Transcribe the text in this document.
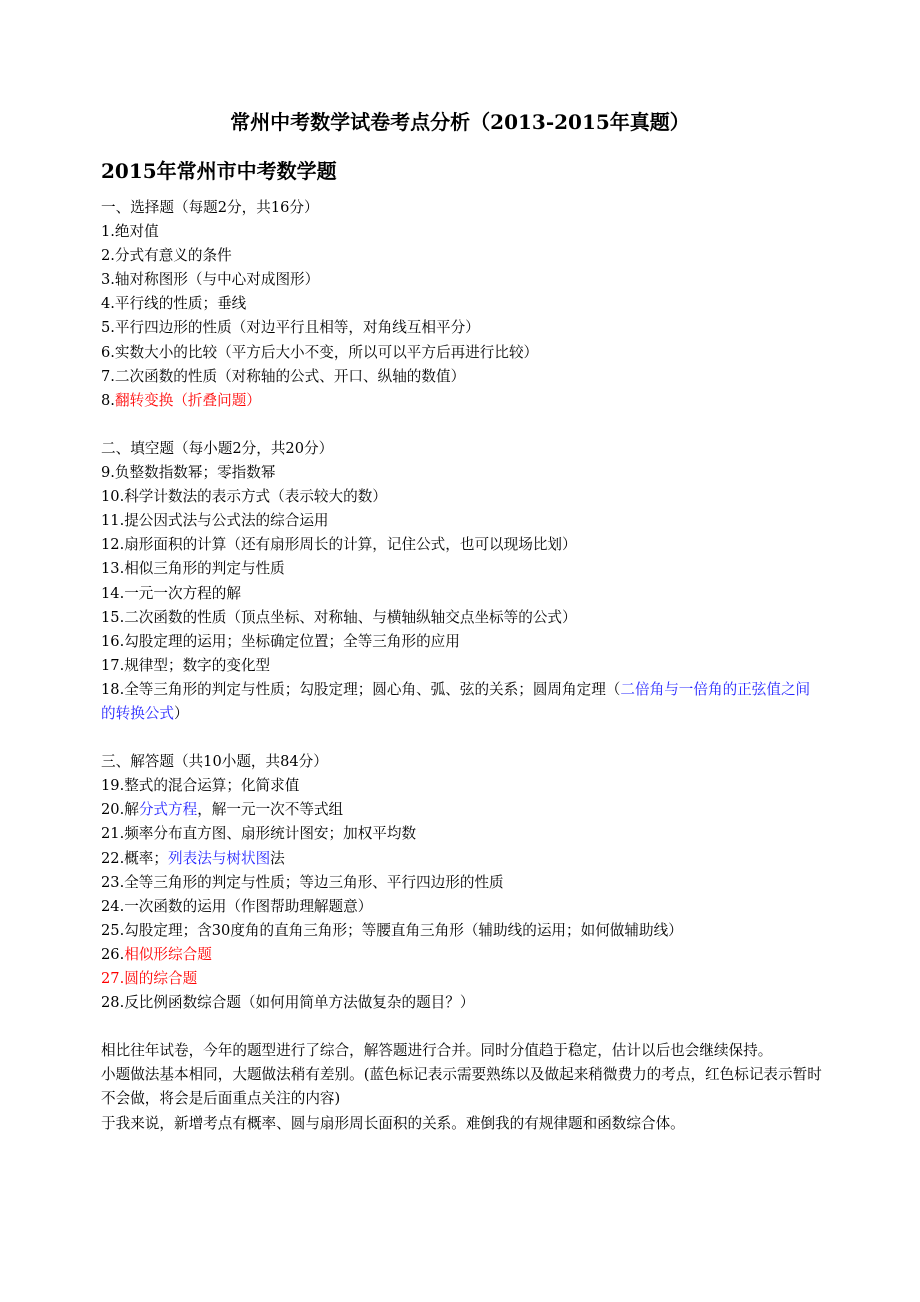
常州中考数学试卷考点分析（2013-2015年真题）
2015年常州市中考数学题
一、选择题（每题2分，共16分）
1.绝对值
2.分式有意义的条件
3.轴对称图形（与中心对成图形）
4.平行线的性质；垂线
5.平行四边形的性质（对边平行且相等，对角线互相平分）
6.实数大小的比较（平方后大小不变，所以可以平方后再进行比较）
7.二次函数的性质（对称轴的公式、开口、纵轴的数值）
8.翻转变换（折叠问题）
二、填空题（每小题2分，共20分）
9.负整数指数幂；零指数幂
10.科学计数法的表示方式（表示较大的数）
11.提公因式法与公式法的综合运用
12.扇形面积的计算（还有扇形周长的计算，记住公式，也可以现场比划）
13.相似三角形的判定与性质
14.一元一次方程的解
15.二次函数的性质（顶点坐标、对称轴、与横轴纵轴交点坐标等的公式）
16.勾股定理的运用；坐标确定位置；全等三角形的应用
17.规律型；数字的变化型
18.全等三角形的判定与性质；勾股定理；圆心角、弧、弦的关系；圆周角定理（二倍角与一倍角的正弦值之间的转换公式）
三、解答题（共10小题，共84分）
19.整式的混合运算；化简求值
20.解分式方程，解一元一次不等式组
21.频率分布直方图、扇形统计图安；加权平均数
22.概率；列表法与树状图法
23.全等三角形的判定与性质；等边三角形、平行四边形的性质
24.一次函数的运用（作图帮助理解题意）
25.勾股定理；含30度角的直角三角形；等腰直角三角形（辅助线的运用；如何做辅助线）
26.相似形综合题
27.圆的综合题
28.反比例函数综合题（如何用简单方法做复杂的题目？）
相比往年试卷，今年的题型进行了综合，解答题进行合并。同时分值趋于稳定，估计以后也会继续保持。
小题做法基本相同，大题做法稍有差别。(蓝色标记表示需要熟练以及做起来稍微费力的考点，红色标记表示暂时不会做，将会是后面重点关注的内容)
于我来说，新增考点有概率、圆与扇形周长面积的关系。难倒我的有规律题和函数综合体。
